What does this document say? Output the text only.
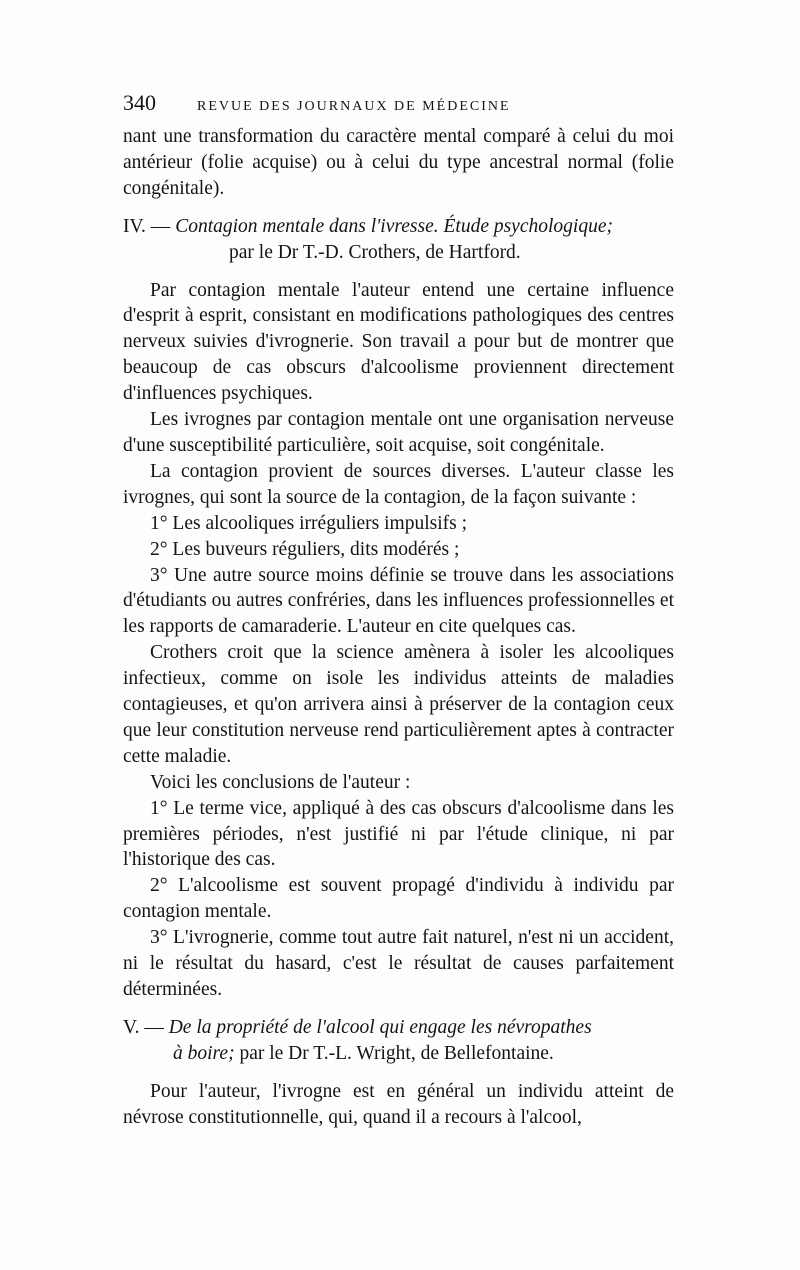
340	REVUE DES JOURNAUX DE MÉDECINE

nant une transformation du caractère mental comparé à celui du moi antérieur (folie acquise) ou à celui du type ancestral normal (folie congénitale).

IV. — Contagion mentale dans l'ivresse. Étude psychologique;
par le Dr T.-D. Crothers, de Hartford.

Par contagion mentale l'auteur entend une certaine influence d'esprit à esprit, consistant en modifications pathologiques des centres nerveux suivies d'ivrognerie. Son travail a pour but de montrer que beaucoup de cas obscurs d'alcoolisme proviennent directement d'influences psychiques.

Les ivrognes par contagion mentale ont une organisation nerveuse d'une susceptibilité particulière, soit acquise, soit congénitale.

La contagion provient de sources diverses. L'auteur classe les ivrognes, qui sont la source de la contagion, de la façon suivante :

1° Les alcooliques irréguliers impulsifs ;

2° Les buveurs réguliers, dits modérés ;

3° Une autre source moins définie se trouve dans les associations d'étudiants ou autres confréries, dans les influences professionnelles et les rapports de camaraderie. L'auteur en cite quelques cas.

Crothers croit que la science amènera à isoler les alcooliques infectieux, comme on isole les individus atteints de maladies contagieuses, et qu'on arrivera ainsi à préserver de la contagion ceux que leur constitution nerveuse rend particulièrement aptes à contracter cette maladie.

Voici les conclusions de l'auteur :

1° Le terme vice, appliqué à des cas obscurs d'alcoolisme dans les premières périodes, n'est justifié ni par l'étude clinique, ni par l'historique des cas.

2° L'alcoolisme est souvent propagé d'individu à individu par contagion mentale.

3° L'ivrognerie, comme tout autre fait naturel, n'est ni un accident, ni le résultat du hasard, c'est le résultat de causes parfaitement déterminées.

V. — De la propriété de l'alcool qui engage les névropathes
à boire; par le Dr T.-L. Wright, de Bellefontaine.

Pour l'auteur, l'ivrogne est en général un individu atteint de névrose constitutionnelle, qui, quand il a recours à l'alcool,
